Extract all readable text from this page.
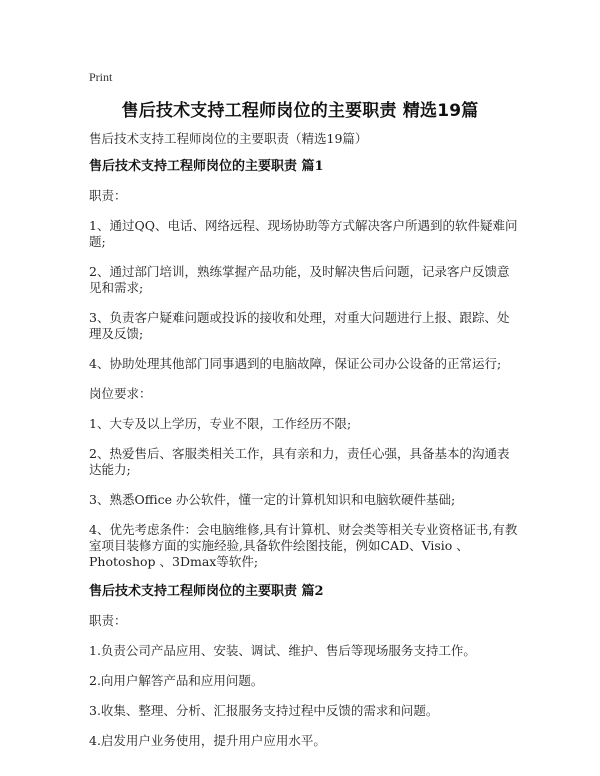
Print
售后技术支持工程师岗位的主要职责 精选19篇

售后技术支持工程师岗位的主要职责（精选19篇）

售后技术支持工程师岗位的主要职责 篇1

职责：

1、通过QQ、电话、网络远程、现场协助等方式解决客户所遇到的软件疑难问题;

2、通过部门培训，熟练掌握产品功能，及时解决售后问题，记录客户反馈意见和需求;

3、负责客户疑难问题或投诉的接收和处理，对重大问题进行上报、跟踪、处理及反馈;

4、协助处理其他部门同事遇到的电脑故障，保证公司办公设备的正常运行;

岗位要求：

1、大专及以上学历，专业不限，工作经历不限;

2、热爱售后、客服类相关工作，具有亲和力，责任心强，具备基本的沟通表达能力;

3、熟悉Office 办公软件，懂一定的计算机知识和电脑软硬件基础;

4、优先考虑条件：会电脑维修,具有计算机、财会类等相关专业资格证书,有教室项目装修方面的实施经验,具备软件绘图技能，例如CAD、Visio 、Photoshop 、3Dmax等软件;

售后技术支持工程师岗位的主要职责 篇2

职责：

1.负责公司产品应用、安装、调试、维护、售后等现场服务支持工作。

2.向用户解答产品和应用问题。

3.收集、整理、分析、汇报服务支持过程中反馈的需求和问题。

4.启发用户业务使用，提升用户应用水平。
